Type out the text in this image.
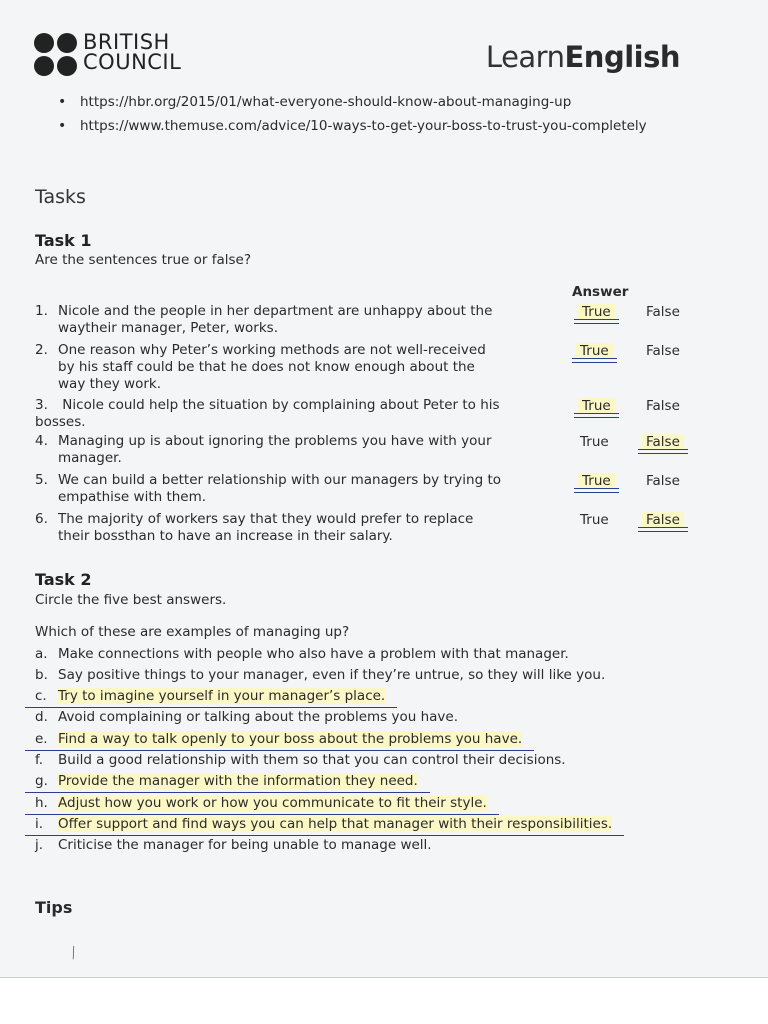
BRITISH
COUNCIL	LearnEnglish
• https://hbr.org/2015/01/what-everyone-should-know-about-managing-up
• https://www.themuse.com/advice/10-ways-to-get-your-boss-to-trust-you-completely
Tasks
Task 1
Are the sentences true or false?
Answer
1. Nicole and the people in her department are unhappy about the
waytheir manager, Peter, works.
True	False
2. One reason why Peter’s working methods are not well-received
by his staff could be that he does not know enough about the
way they work.
True	False
3. Nicole could help the situation by complaining about Peter to his
bosses.
True	False
4. Managing up is about ignoring the problems you have with your
manager.
True	False
5. We can build a better relationship with our managers by trying to
empathise with them.
True	False
6. The majority of workers say that they would prefer to replace
their bossthan to have an increase in their salary.
True	False
Task 2
Circle the five best answers.
Which of these are examples of managing up?
a. Make connections with people who also have a problem with that manager.
b. Say positive things to your manager, even if they’re untrue, so they will like you.
c. Try to imagine yourself in your manager’s place.
d. Avoid complaining or talking about the problems you have.
e. Find a way to talk openly to your boss about the problems you have.
f. Build a good relationship with them so that you can control their decisions.
g. Provide the manager with the information they need.
h. Adjust how you work or how you communicate to fit their style.
i. Offer support and find ways you can help that manager with their responsibilities.
j. Criticise the manager for being unable to manage well.
Tips
╲
